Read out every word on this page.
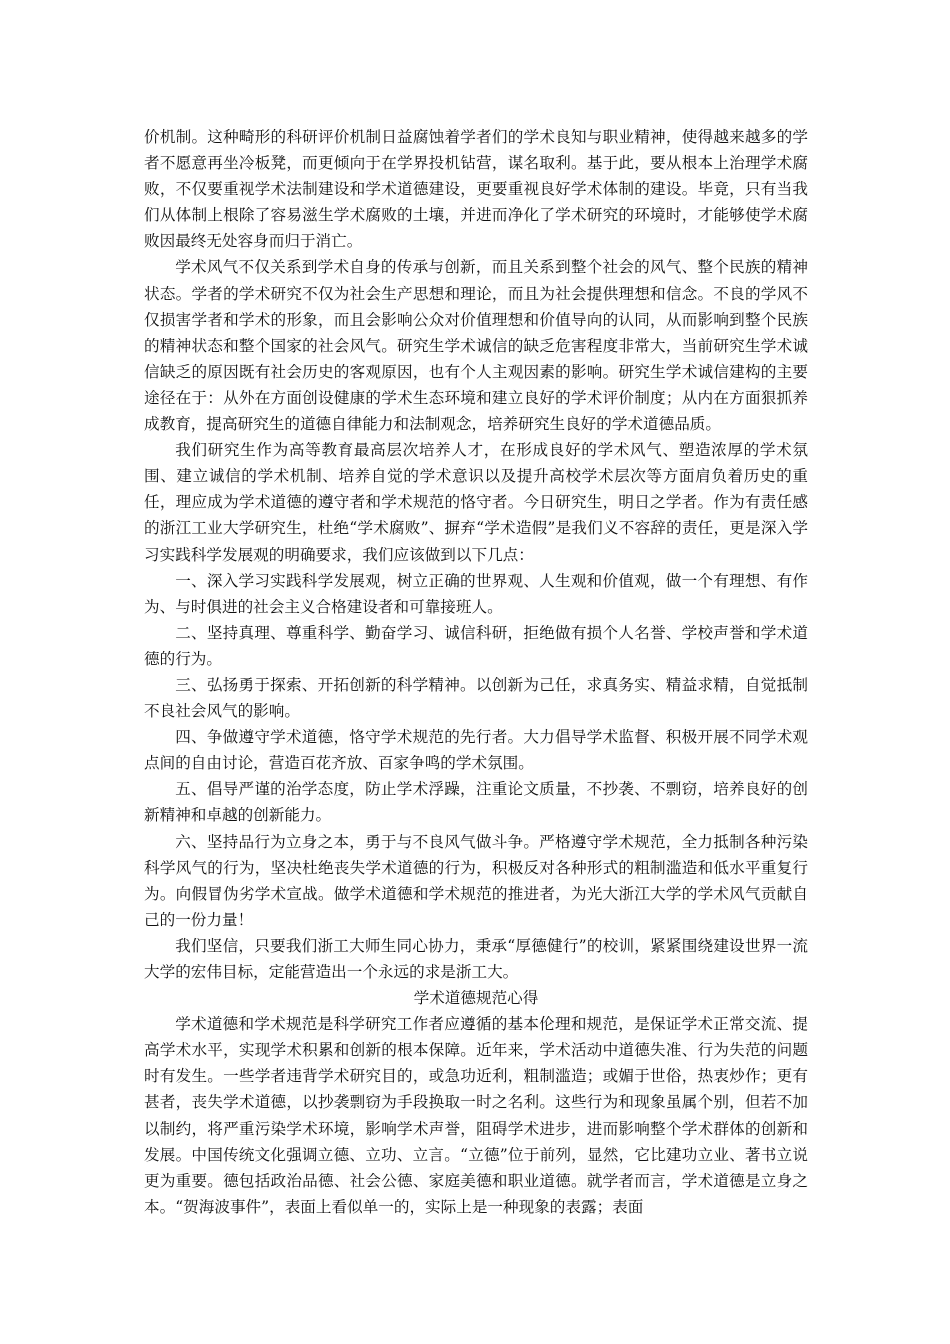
价机制。这种畸形的科研评价机制日益腐蚀着学者们的学术良知与职业精神，使得越来越多的学者不愿意再坐冷板凳，而更倾向于在学界投机钻营，谋名取利。基于此，要从根本上治理学术腐败，不仅要重视学术法制建设和学术道德建设，更要重视良好学术体制的建设。毕竟，只有当我们从体制上根除了容易滋生学术腐败的土壤，并进而净化了学术研究的环境时，才能够使学术腐败因最终无处容身而归于消亡。

学术风气不仅关系到学术自身的传承与创新，而且关系到整个社会的风气、整个民族的精神状态。学者的学术研究不仅为社会生产思想和理论，而且为社会提供理想和信念。不良的学风不仅损害学者和学术的形象，而且会影响公众对价值理想和价值导向的认同，从而影响到整个民族的精神状态和整个国家的社会风气。研究生学术诚信的缺乏危害程度非常大，当前研究生学术诚信缺乏的原因既有社会历史的客观原因，也有个人主观因素的影响。研究生学术诚信建构的主要途径在于：从外在方面创设健康的学术生态环境和建立良好的学术评价制度；从内在方面狠抓养成教育，提高研究生的道德自律能力和法制观念，培养研究生良好的学术道德品质。

我们研究生作为高等教育最高层次培养人才，在形成良好的学术风气、塑造浓厚的学术氛围、建立诚信的学术机制、培养自觉的学术意识以及提升高校学术层次等方面肩负着历史的重任，理应成为学术道德的遵守者和学术规范的恪守者。今日研究生，明日之学者。作为有责任感的浙江工业大学研究生，杜绝“学术腐败”、摒弃“学术造假”是我们义不容辞的责任，更是深入学习实践科学发展观的明确要求，我们应该做到以下几点：

一、深入学习实践科学发展观，树立正确的世界观、人生观和价值观，做一个有理想、有作为、与时俱进的社会主义合格建设者和可靠接班人。

二、坚持真理、尊重科学、勤奋学习、诚信科研，拒绝做有损个人名誉、学校声誉和学术道德的行为。

三、弘扬勇于探索、开拓创新的科学精神。以创新为己任，求真务实、精益求精，自觉抵制不良社会风气的影响。

四、争做遵守学术道德，恪守学术规范的先行者。大力倡导学术监督、积极开展不同学术观点间的自由讨论，营造百花齐放、百家争鸣的学术氛围。

五、倡导严谨的治学态度，防止学术浮躁，注重论文质量，不抄袭、不剽窃，培养良好的创新精神和卓越的创新能力。

六、坚持品行为立身之本，勇于与不良风气做斗争。严格遵守学术规范，全力抵制各种污染科学风气的行为，坚决杜绝丧失学术道德的行为，积极反对各种形式的粗制滥造和低水平重复行为。向假冒伪劣学术宣战。做学术道德和学术规范的推进者，为光大浙江大学的学术风气贡献自己的一份力量！

我们坚信，只要我们浙工大师生同心协力，秉承“厚德健行”的校训，紧紧围绕建设世界一流大学的宏伟目标，定能营造出一个永远的求是浙工大。

学术道德规范心得

学术道德和学术规范是科学研究工作者应遵循的基本伦理和规范，是保证学术正常交流、提高学术水平，实现学术积累和创新的根本保障。近年来，学术活动中道德失准、行为失范的问题时有发生。一些学者违背学术研究目的，或急功近利，粗制滥造；或媚于世俗，热衷炒作；更有甚者，丧失学术道德，以抄袭剽窃为手段换取一时之名利。这些行为和现象虽属个别，但若不加以制约，将严重污染学术环境，影响学术声誉，阻碍学术进步，进而影响整个学术群体的创新和发展。中国传统文化强调立德、立功、立言。“立德”位于前列，显然，它比建功立业、著书立说更为重要。德包括政治品德、社会公德、家庭美德和职业道德。就学者而言，学术道德是立身之本。“贺海波事件”，表面上看似单一的，实际上是一种现象的表露；表面
